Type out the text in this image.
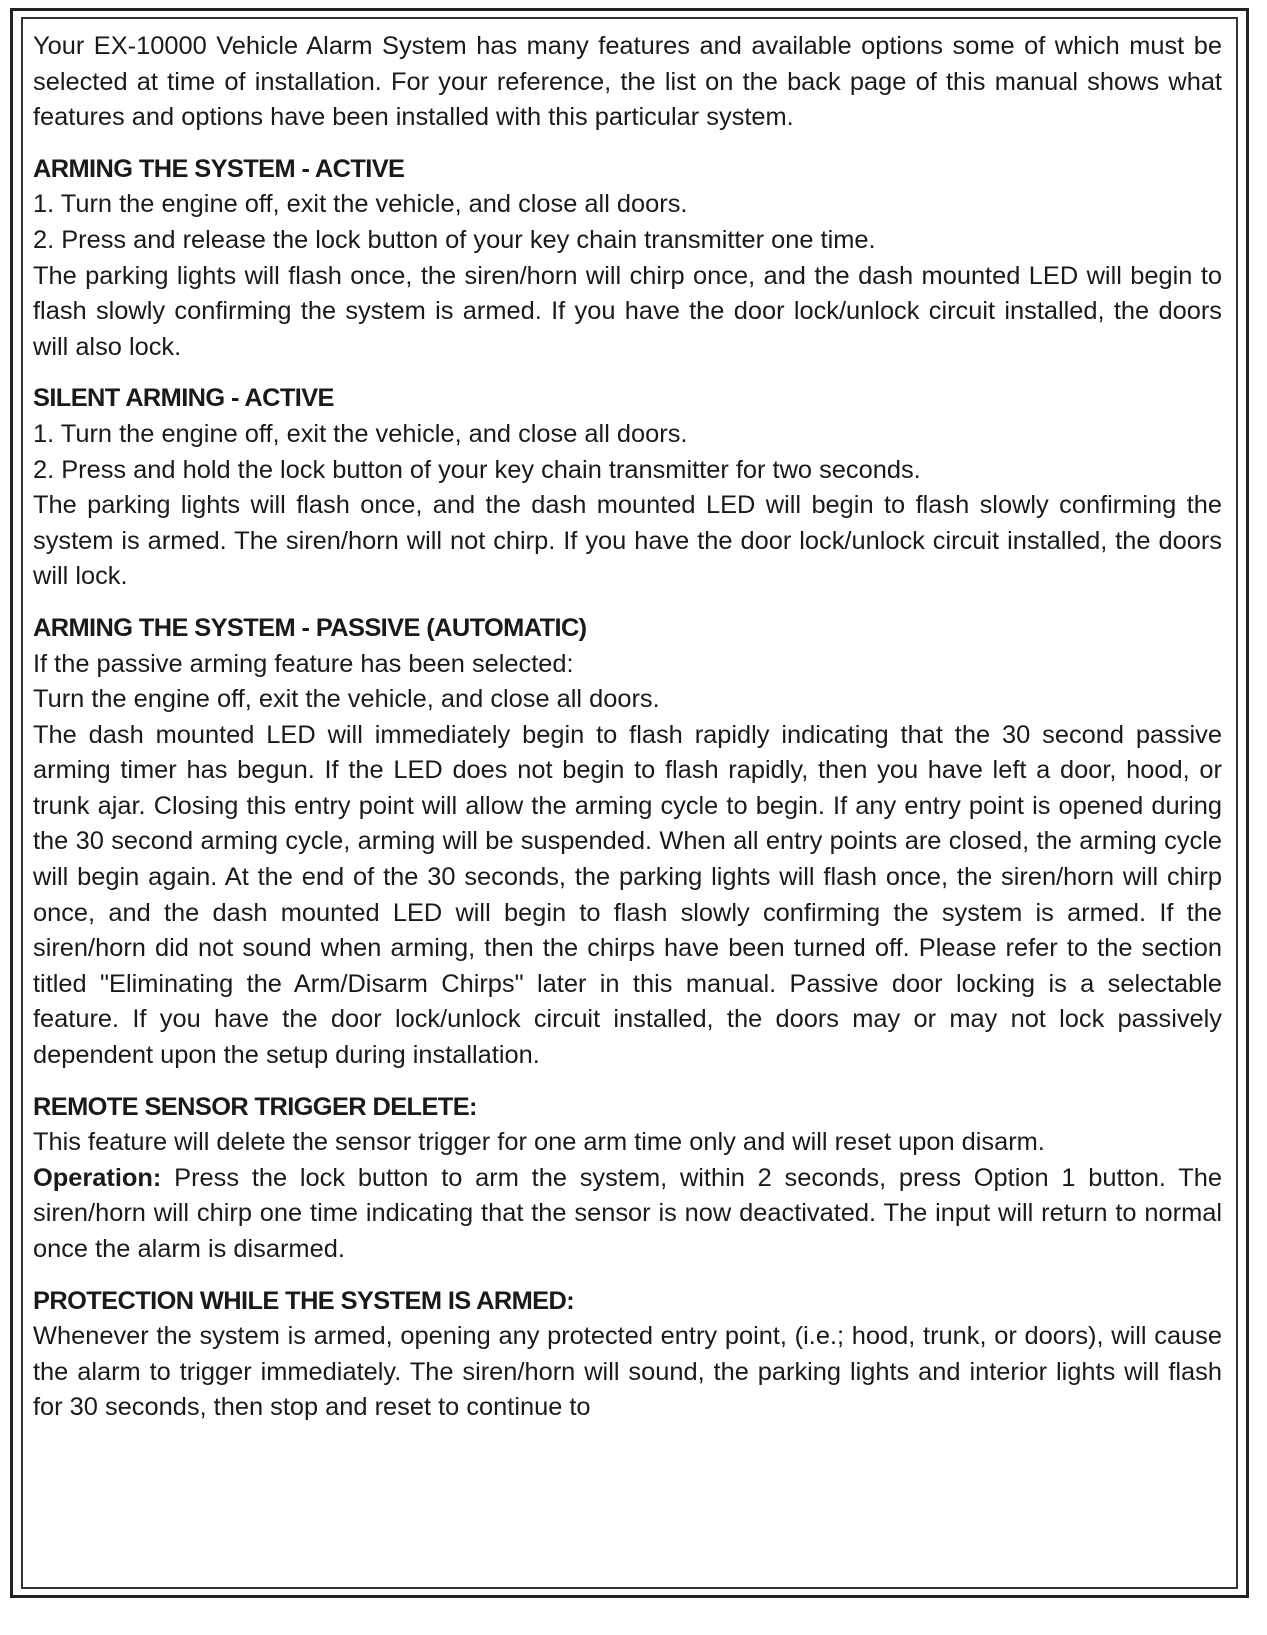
Your EX-10000 Vehicle Alarm System has many features and available options some of which must be selected at time of installation. For your reference, the list on the back page of this manual shows what features and options have been installed with this particular system.

ARMING THE SYSTEM - ACTIVE

1. Turn the engine off, exit the vehicle, and close all doors.

2. Press and release the lock button of your key chain transmitter one time.

The parking lights will flash once, the siren/horn will chirp once, and the dash mounted LED will begin to flash slowly confirming the system is armed. If you have the door lock/unlock circuit installed, the doors will also lock.

SILENT ARMING - ACTIVE

1. Turn the engine off, exit the vehicle, and close all doors.

2. Press and hold the lock button of your key chain transmitter for two seconds.

The parking lights will flash once, and the dash mounted LED will begin to flash slowly confirming the system is armed. The siren/horn will not chirp. If you have the door lock/unlock circuit installed, the doors will lock.

ARMING THE SYSTEM - PASSIVE (AUTOMATIC)

If the passive arming feature has been selected:

Turn the engine off, exit the vehicle, and close all doors.

The dash mounted LED will immediately begin to flash rapidly indicating that the 30 second passive arming timer has begun. If the LED does not begin to flash rapidly, then you have left a door, hood, or trunk ajar. Closing this entry point will allow the arming cycle to begin. If any entry point is opened during the 30 second arming cycle, arming will be suspended. When all entry points are closed, the arming cycle will begin again. At the end of the 30 seconds, the parking lights will flash once, the siren/horn will chirp once, and the dash mounted LED will begin to flash slowly confirming the system is armed. If the siren/horn did not sound when arming, then the chirps have been turned off. Please refer to the section titled "Eliminating the Arm/Disarm Chirps" later in this manual. Passive door locking is a selectable feature. If you have the door lock/unlock circuit installed, the doors may or may not lock passively dependent upon the setup during installation.

REMOTE SENSOR TRIGGER DELETE:

This feature will delete the sensor trigger for one arm time only and will reset upon disarm.

Operation: Press the lock button to arm the system, within 2 seconds, press Option 1 button. The siren/horn will chirp one time indicating that the sensor is now deactivated. The input will return to normal once the alarm is disarmed.

PROTECTION WHILE THE SYSTEM IS ARMED:

Whenever the system is armed, opening any protected entry point, (i.e.; hood, trunk, or doors), will cause the alarm to trigger immediately. The siren/horn will sound, the parking lights and interior lights will flash for 30 seconds, then stop and reset to continue to
